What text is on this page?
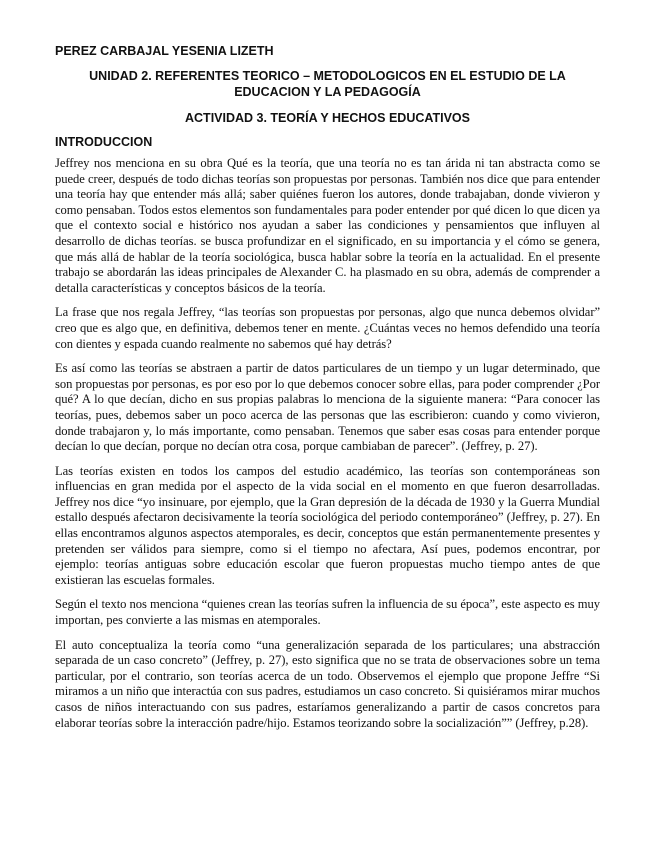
PEREZ CARBAJAL YESENIA LIZETH
UNIDAD 2. REFERENTES TEORICO – METODOLOGICOS EN EL ESTUDIO DE LA EDUCACION Y LA PEDAGOGÍA
ACTIVIDAD 3. TEORÍA Y HECHOS EDUCATIVOS
INTRODUCCION

Jeffrey nos menciona en su obra Qué es la teoría, que una teoría no es tan árida ni tan abstracta como se puede creer, después de todo dichas teorías son propuestas por personas. También nos dice que para entender una teoría hay que entender más allá; saber quiénes fueron los autores, donde trabajaban, donde vivieron y como pensaban. Todos estos elementos son fundamentales para poder entender por qué dicen lo que dicen ya que el contexto social e histórico nos ayudan a saber las condiciones y pensamientos que influyen al desarrollo de dichas teorías. se busca profundizar en el significado, en su importancia y el cómo se genera, que más allá de hablar de la teoría sociológica, busca hablar sobre la teoría en la actualidad. En el presente trabajo se abordarán las ideas principales de Alexander C. ha plasmado en su obra, además de comprender a detalla características y conceptos básicos de la teoría.

La frase que nos regala Jeffrey, “las teorías son propuestas por personas, algo que nunca debemos olvidar” creo que es algo que, en definitiva, debemos tener en mente. ¿Cuántas veces no hemos defendido una teoría con dientes y espada cuando realmente no sabemos qué hay detrás?

Es así como las teorías se abstraen a partir de datos particulares de un tiempo y un lugar determinado, que son propuestas por personas, es por eso por lo que debemos conocer sobre ellas, para poder comprender ¿Por qué? A lo que decían, dicho en sus propias palabras lo menciona de la siguiente manera: “Para conocer las teorías, pues, debemos saber un poco acerca de las personas que las escribieron: cuando y como vivieron, donde trabajaron y, lo más importante, como pensaban. Tenemos que saber esas cosas para entender porque decían lo que decían, porque no decían otra cosa, porque cambiaban de parecer”. (Jeffrey, p. 27).

Las teorías existen en todos los campos del estudio académico, las teorías son contemporáneas son influencias en gran medida por el aspecto de la vida social en el momento en que fueron desarrolladas. Jeffrey nos dice “yo insinuare, por ejemplo, que la Gran depresión de la década de 1930 y la Guerra Mundial estallo después afectaron decisivamente la teoría sociológica del periodo contemporáneo” (Jeffrey, p. 27). En ellas encontramos algunos aspectos atemporales, es decir, conceptos que están permanentemente presentes y pretenden ser válidos para siempre, como si el tiempo no afectara, Así pues, podemos encontrar, por ejemplo: teorías antiguas sobre educación escolar que fueron propuestas mucho tiempo antes de que existieran las escuelas formales.

Según el texto nos menciona “quienes crean las teorías sufren la influencia de su época”, este aspecto es muy importan, pes convierte a las mismas en atemporales.

El auto conceptualiza la teoría como “una generalización separada de los particulares; una abstracción separada de un caso concreto” (Jeffrey, p. 27), esto significa que no se trata de observaciones sobre un tema particular, por el contrario, son teorías acerca de un todo. Observemos el ejemplo que propone Jeffre “Si miramos a un niño que interactúa con sus padres, estudiamos un caso concreto. Si quisiéramos mirar muchos casos de niños interactuando con sus padres, estaríamos generalizando a partir de casos concretos para elaborar teorías sobre la interacción padre/hijo. Estamos teorizando sobre la socialización”” (Jeffrey, p.28).
